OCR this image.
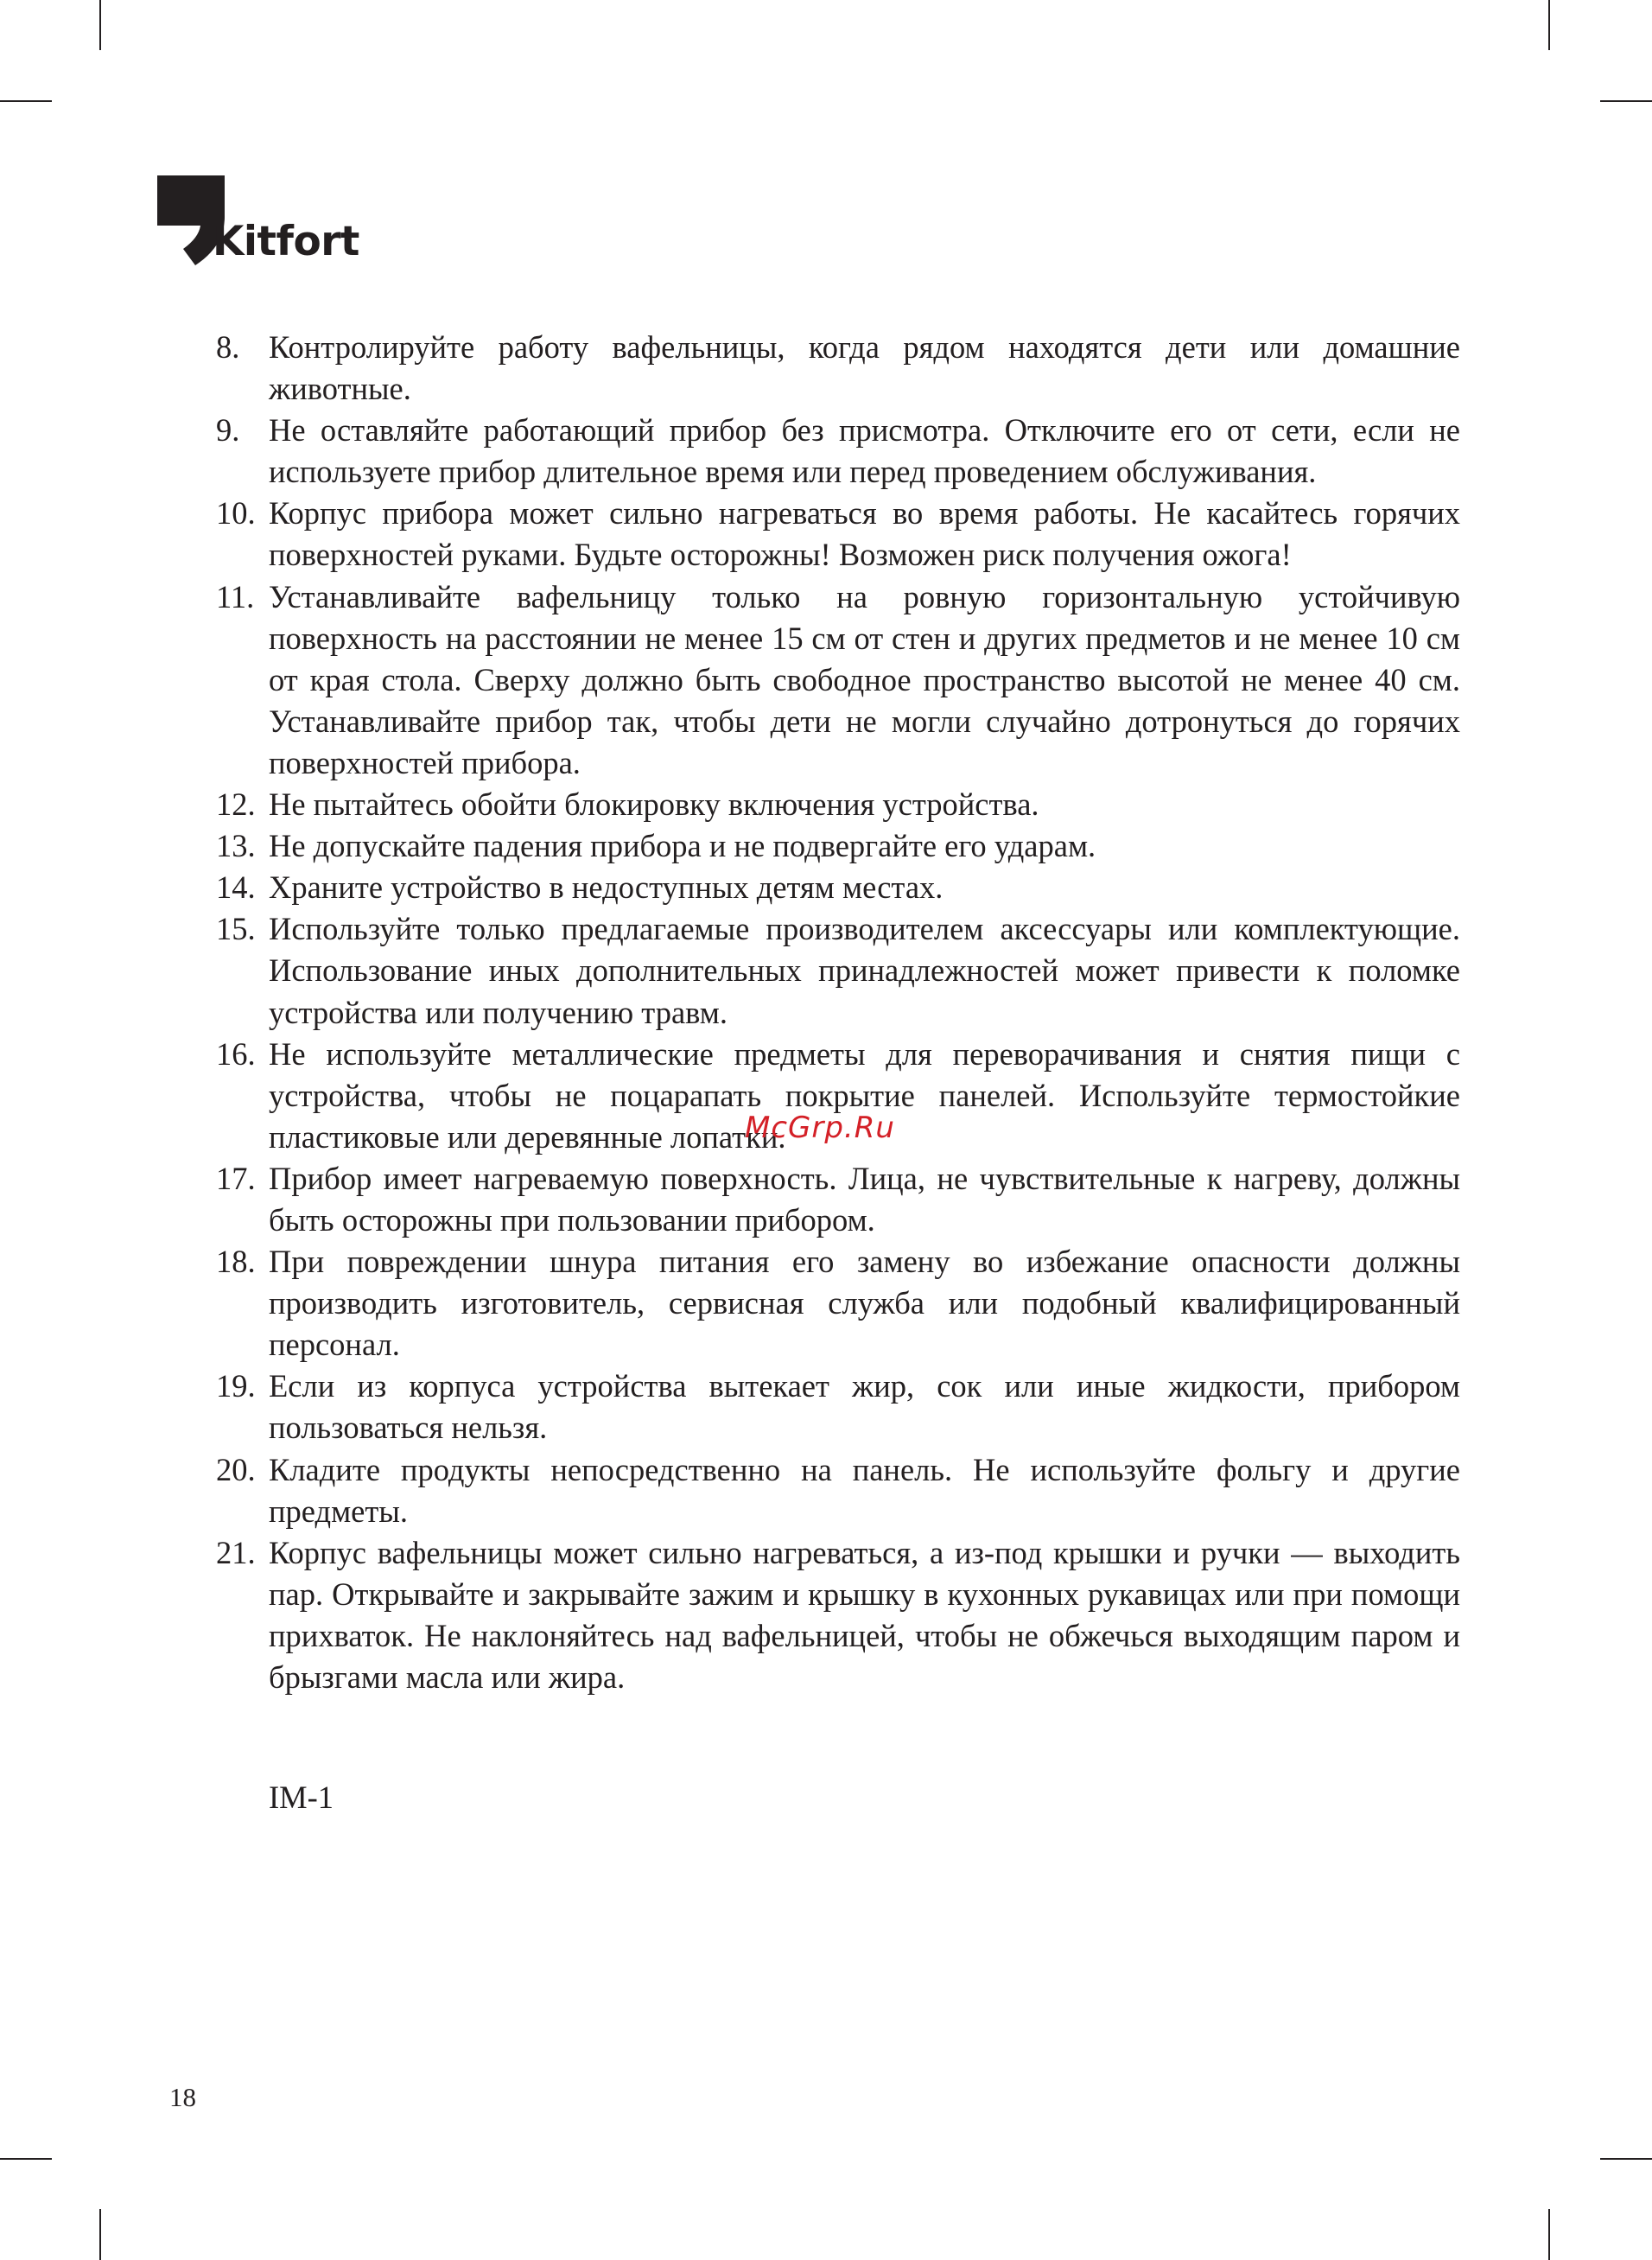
Kitfort
8. Контролируйте работу вафельницы, когда рядом находятся дети или домашние животные.
9. Не оставляйте работающий прибор без присмотра. Отключите его от сети, если не используете прибор длительное время или перед проведением обслуживания.
10. Корпус прибора может сильно нагреваться во время работы. Не касайтесь горячих поверхностей руками. Будьте осторожны! Возможен риск получения ожога!
11. Устанавливайте вафельницу только на ровную горизонтальную устойчивую поверхность на расстоянии не менее 15 см от стен и других предметов и не менее 10 см от края стола. Сверху должно быть свободное пространство высотой не менее 40 см. Устанавливайте прибор так, чтобы дети не могли случайно дотронуться до горячих поверхностей прибора.
12. Не пытайтесь обойти блокировку включения устройства.
13. Не допускайте падения прибора и не подвергайте его ударам.
14. Храните устройство в недоступных детям местах.
15. Используйте только предлагаемые производителем аксессуары или комплектующие. Использование иных дополнительных принадлежностей может привести к поломке устройства или получению травм.
16. Не используйте металлические предметы для переворачивания и снятия пищи с устройства, чтобы не поцарапать покрытие панелей. Используйте термостойкие пластиковые или деревянные лопатки.
17. Прибор имеет нагреваемую поверхность. Лица, не чувствительные к нагреву, должны быть осторожны при пользовании прибором.
18. При повреждении шнура питания его замену во избежание опасности должны производить изготовитель, сервисная служба или подобный квалифицированный персонал.
19. Если из корпуса устройства вытекает жир, сок или иные жидкости, прибором пользоваться нельзя.
20. Кладите продукты непосредственно на панель. Не используйте фольгу и другие предметы.
21. Корпус вафельницы может сильно нагреваться, а из-под крышки и ручки — выходить пар. Открывайте и закрывайте зажим и крышку в кухонных рукавицах или при помощи прихваток. Не наклоняйтесь над вафельницей, чтобы не обжечься выходящим паром и брызгами масла или жира.
McGrp.Ru
IM-1
18
